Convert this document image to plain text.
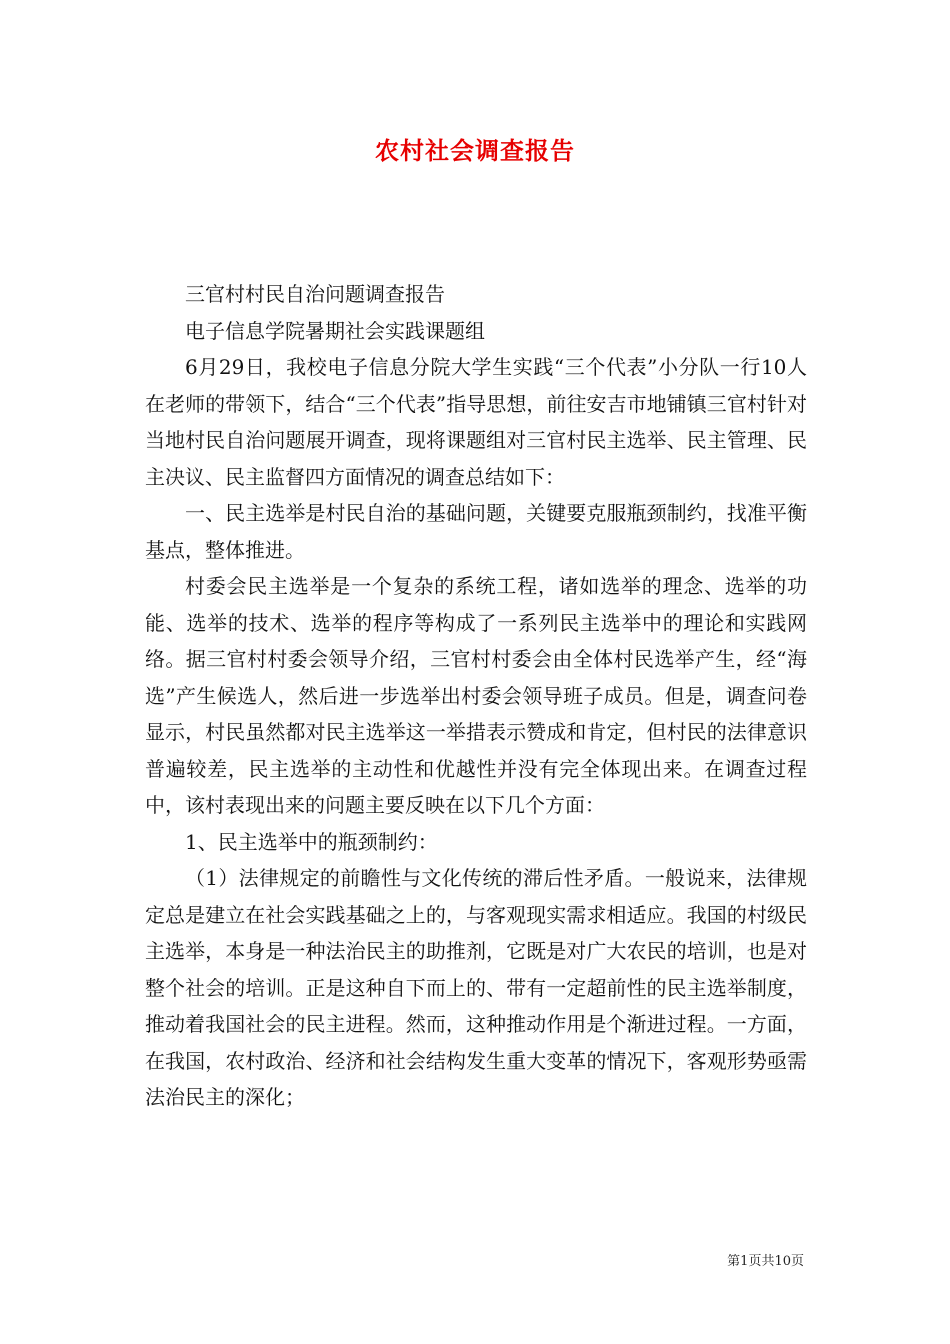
农村社会调查报告

三官村村民自治问题调查报告

电子信息学院暑期社会实践课题组

6月29日，我校电子信息分院大学生实践“三个代表”小分队一行10人在老师的带领下，结合“三个代表”指导思想，前往安吉市地铺镇三官村针对当地村民自治问题展开调查，现将课题组对三官村民主选举、民主管理、民主决议、民主监督四方面情况的调查总结如下：

一、民主选举是村民自治的基础问题，关键要克服瓶颈制约，找准平衡基点，整体推进。

村委会民主选举是一个复杂的系统工程，诸如选举的理念、选举的功能、选举的技术、选举的程序等构成了一系列民主选举中的理论和实践网络。据三官村村委会领导介绍，三官村村委会由全体村民选举产生，经“海选”产生候选人，然后进一步选举出村委会领导班子成员。但是，调查问卷显示，村民虽然都对民主选举这一举措表示赞成和肯定，但村民的法律意识普遍较差，民主选举的主动性和优越性并没有完全体现出来。在调查过程中，该村表现出来的问题主要反映在以下几个方面：

1、民主选举中的瓶颈制约：

（1）法律规定的前瞻性与文化传统的滞后性矛盾。一般说来，法律规定总是建立在社会实践基础之上的，与客观现实需求相适应。我国的村级民主选举，本身是一种法治民主的助推剂，它既是对广大农民的培训，也是对整个社会的培训。正是这种自下而上的、带有一定超前性的民主选举制度，推动着我国社会的民主进程。然而，这种推动作用是个渐进过程。一方面，在我国，农村政治、经济和社会结构发生重大变革的情况下，客观形势亟需法治民主的深化；

第1页共10页
